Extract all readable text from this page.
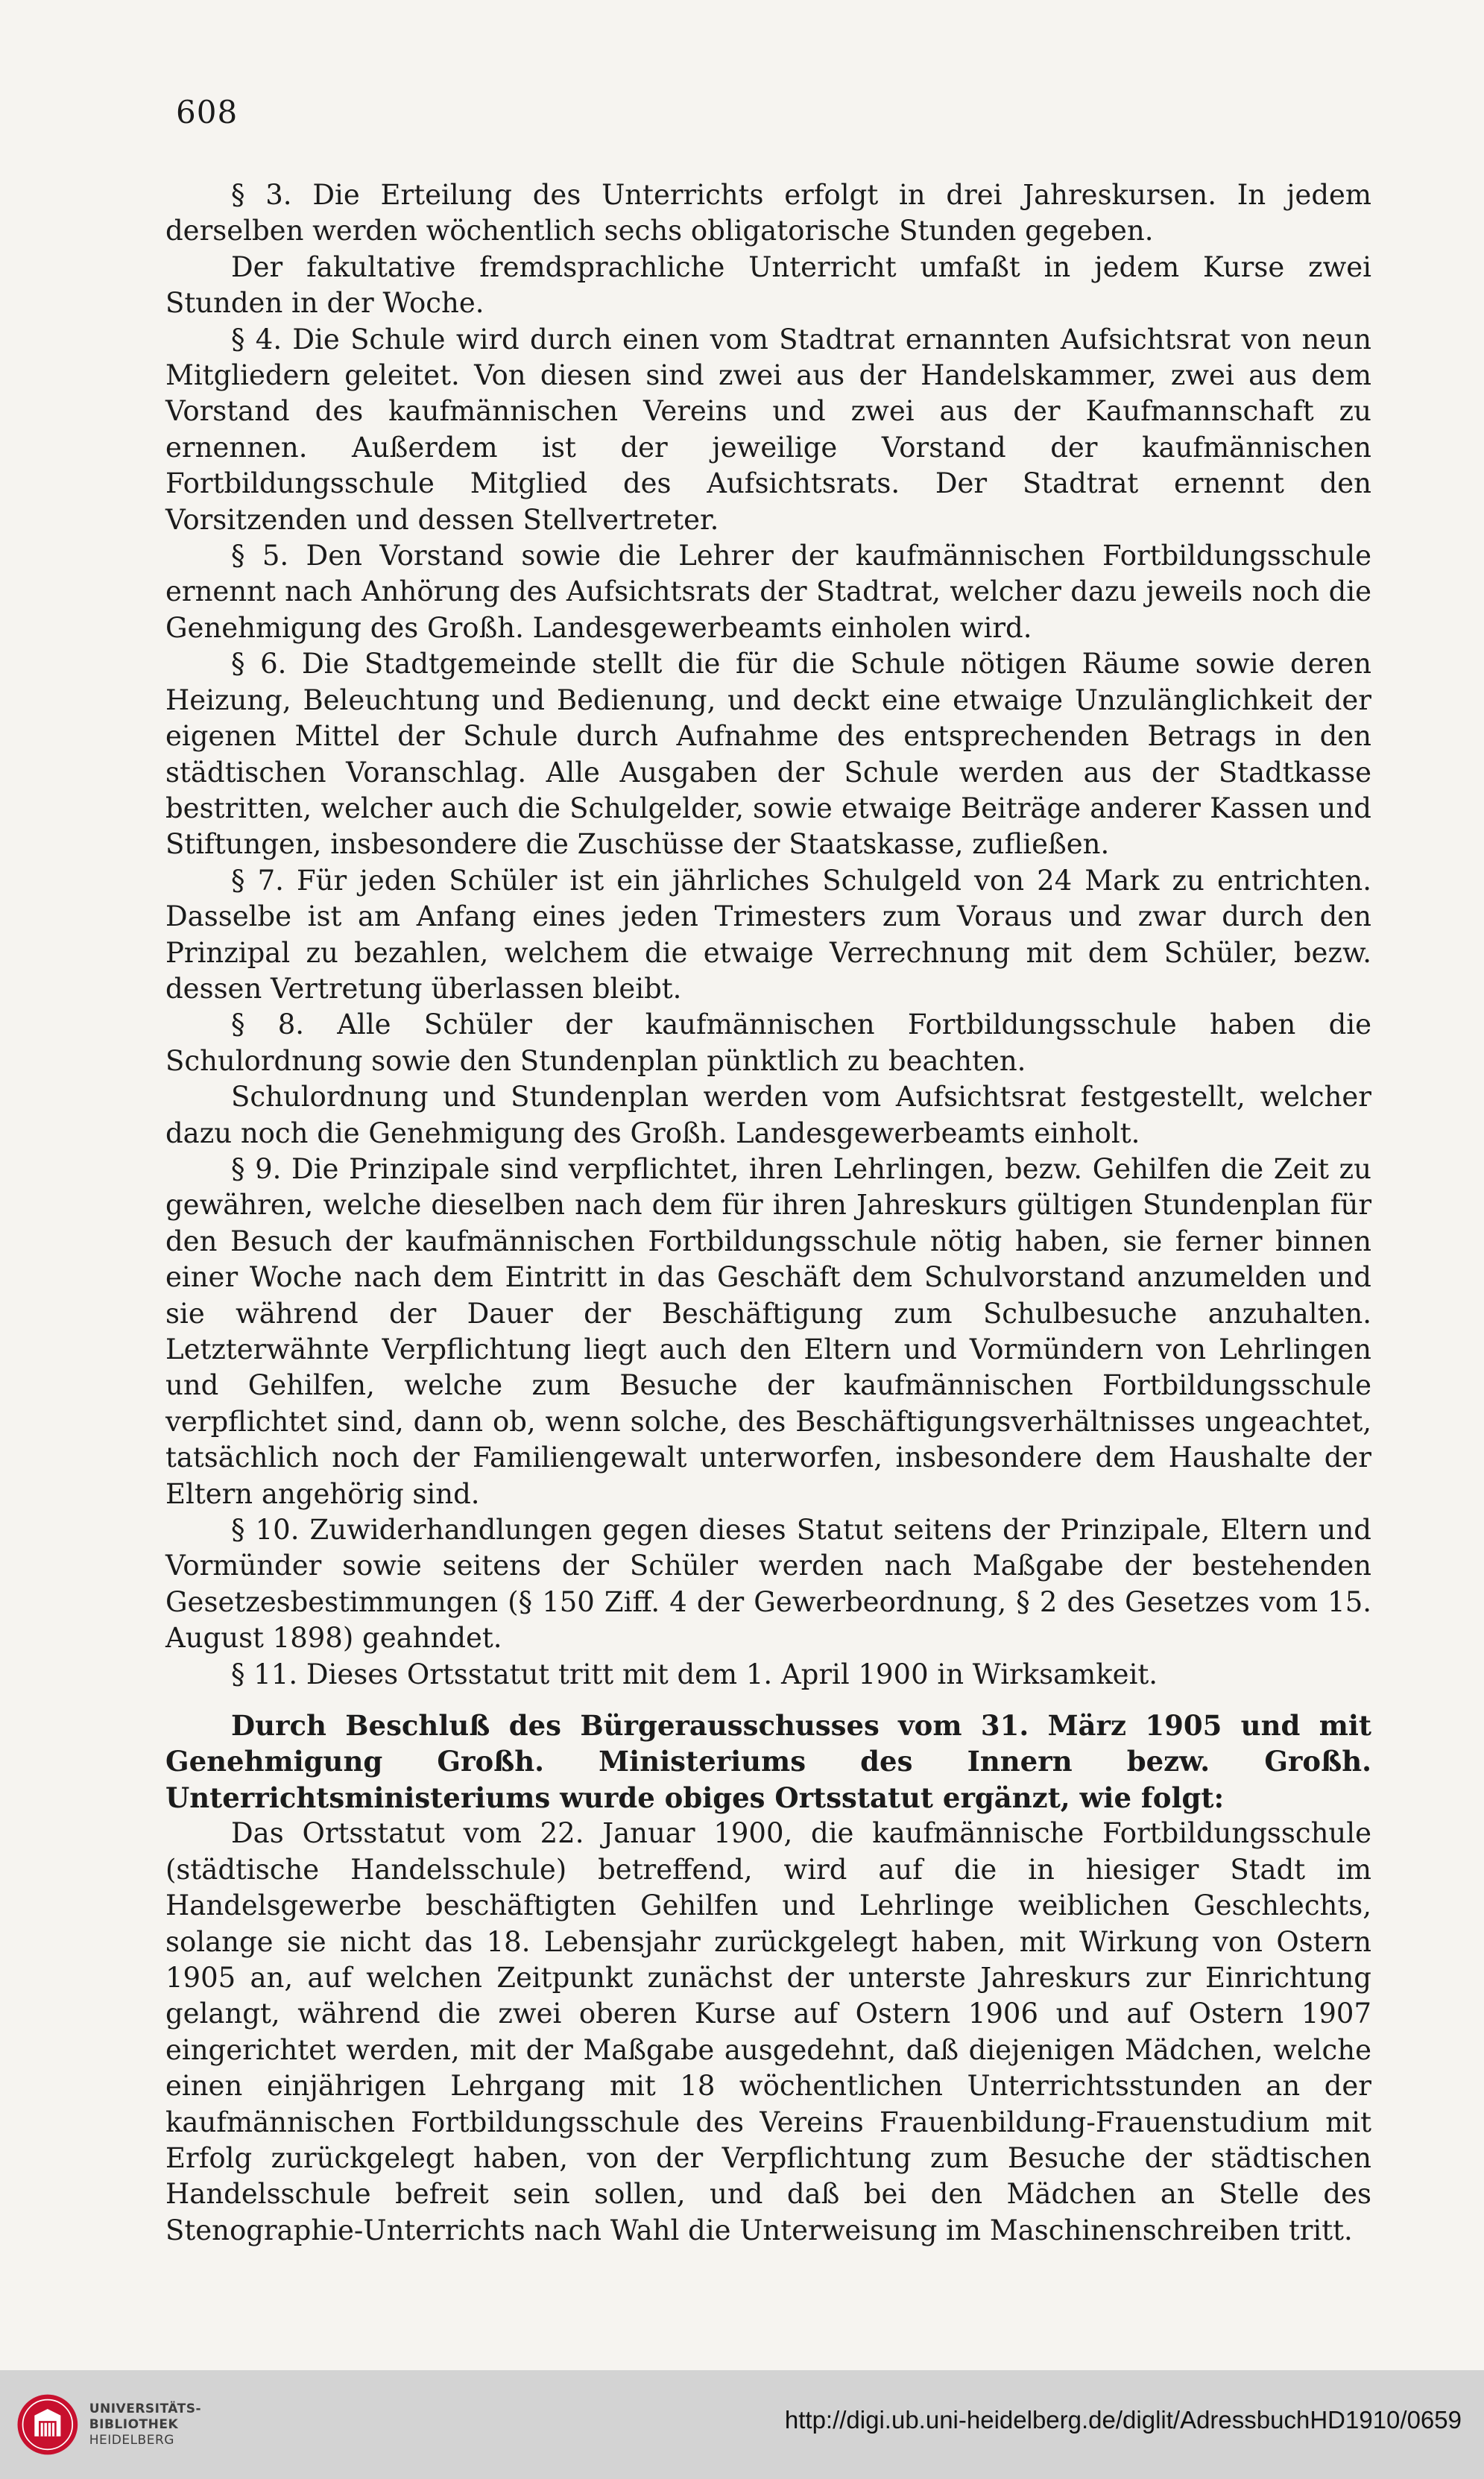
608

§ 3. Die Erteilung des Unterrichts erfolgt in drei Jahreskursen. In jedem derselben werden wöchentlich sechs obligatorische Stunden gegeben.

Der fakultative fremdsprachliche Unterricht umfaßt in jedem Kurse zwei Stunden in der Woche.

§ 4. Die Schule wird durch einen vom Stadtrat ernannten Aufsichtsrat von neun Mitgliedern geleitet. Von diesen sind zwei aus der Handelskammer, zwei aus dem Vorstand des kaufmännischen Vereins und zwei aus der Kaufmannschaft zu ernennen. Außerdem ist der jeweilige Vorstand der kaufmännischen Fortbildungsschule Mitglied des Aufsichtsrats. Der Stadtrat ernennt den Vorsitzenden und dessen Stellvertreter.

§ 5. Den Vorstand sowie die Lehrer der kaufmännischen Fortbildungsschule ernennt nach Anhörung des Aufsichtsrats der Stadtrat, welcher dazu jeweils noch die Genehmigung des Großh. Landesgewerbeamts einholen wird.

§ 6. Die Stadtgemeinde stellt die für die Schule nötigen Räume sowie deren Heizung, Beleuchtung und Bedienung, und deckt eine etwaige Unzulänglichkeit der eigenen Mittel der Schule durch Aufnahme des entsprechenden Betrags in den städtischen Voranschlag. Alle Ausgaben der Schule werden aus der Stadtkasse bestritten, welcher auch die Schulgelder, sowie etwaige Beiträge anderer Kassen und Stiftungen, insbesondere die Zuschüsse der Staatskasse, zufließen.

§ 7. Für jeden Schüler ist ein jährliches Schulgeld von 24 Mark zu entrichten. Dasselbe ist am Anfang eines jeden Trimesters zum Voraus und zwar durch den Prinzipal zu bezahlen, welchem die etwaige Verrechnung mit dem Schüler, bezw. dessen Vertretung überlassen bleibt.

§ 8. Alle Schüler der kaufmännischen Fortbildungsschule haben die Schulordnung sowie den Stundenplan pünktlich zu beachten.

Schulordnung und Stundenplan werden vom Aufsichtsrat festgestellt, welcher dazu noch die Genehmigung des Großh. Landesgewerbeamts einholt.

§ 9. Die Prinzipale sind verpflichtet, ihren Lehrlingen, bezw. Gehilfen die Zeit zu gewähren, welche dieselben nach dem für ihren Jahreskurs gültigen Stundenplan für den Besuch der kaufmännischen Fortbildungsschule nötig haben, sie ferner binnen einer Woche nach dem Eintritt in das Geschäft dem Schulvorstand anzumelden und sie während der Dauer der Beschäftigung zum Schulbesuche anzuhalten. Letzterwähnte Verpflichtung liegt auch den Eltern und Vormündern von Lehrlingen und Gehilfen, welche zum Besuche der kaufmännischen Fortbildungsschule verpflichtet sind, dann ob, wenn solche, des Beschäftigungsverhältnisses ungeachtet, tatsächlich noch der Familiengewalt unterworfen, insbesondere dem Haushalte der Eltern angehörig sind.

§ 10. Zuwiderhandlungen gegen dieses Statut seitens der Prinzipale, Eltern und Vormünder sowie seitens der Schüler werden nach Maßgabe der bestehenden Gesetzesbestimmungen (§ 150 Ziff. 4 der Gewerbeordnung, § 2 des Gesetzes vom 15. August 1898) geahndet.

§ 11. Dieses Ortsstatut tritt mit dem 1. April 1900 in Wirksamkeit.

Durch Beschluß des Bürgerausschusses vom 31. März 1905 und mit Genehmigung Großh. Ministeriums des Innern bezw. Großh. Unterrichtsministeriums wurde obiges Ortsstatut ergänzt, wie folgt:

Das Ortsstatut vom 22. Januar 1900, die kaufmännische Fortbildungsschule (städtische Handelsschule) betreffend, wird auf die in hiesiger Stadt im Handelsgewerbe beschäftigten Gehilfen und Lehrlinge weiblichen Geschlechts, solange sie nicht das 18. Lebensjahr zurückgelegt haben, mit Wirkung von Ostern 1905 an, auf welchen Zeitpunkt zunächst der unterste Jahreskurs zur Einrichtung gelangt, während die zwei oberen Kurse auf Ostern 1906 und auf Ostern 1907 eingerichtet werden, mit der Maßgabe ausgedehnt, daß diejenigen Mädchen, welche einen einjährigen Lehrgang mit 18 wöchentlichen Unterrichtsstunden an der kaufmännischen Fortbildungsschule des Vereins Frauenbildung-Frauenstudium mit Erfolg zurückgelegt haben, von der Verpflichtung zum Besuche der städtischen Handelsschule befreit sein sollen, und daß bei den Mädchen an Stelle des Stenographie-Unterrichts nach Wahl die Unterweisung im Maschinenschreiben tritt.

UNIVERSITÄTS-
BIBLIOTHEK
HEIDELBERG
http://digi.ub.uni-heidelberg.de/diglit/AdressbuchHD1910/0659
